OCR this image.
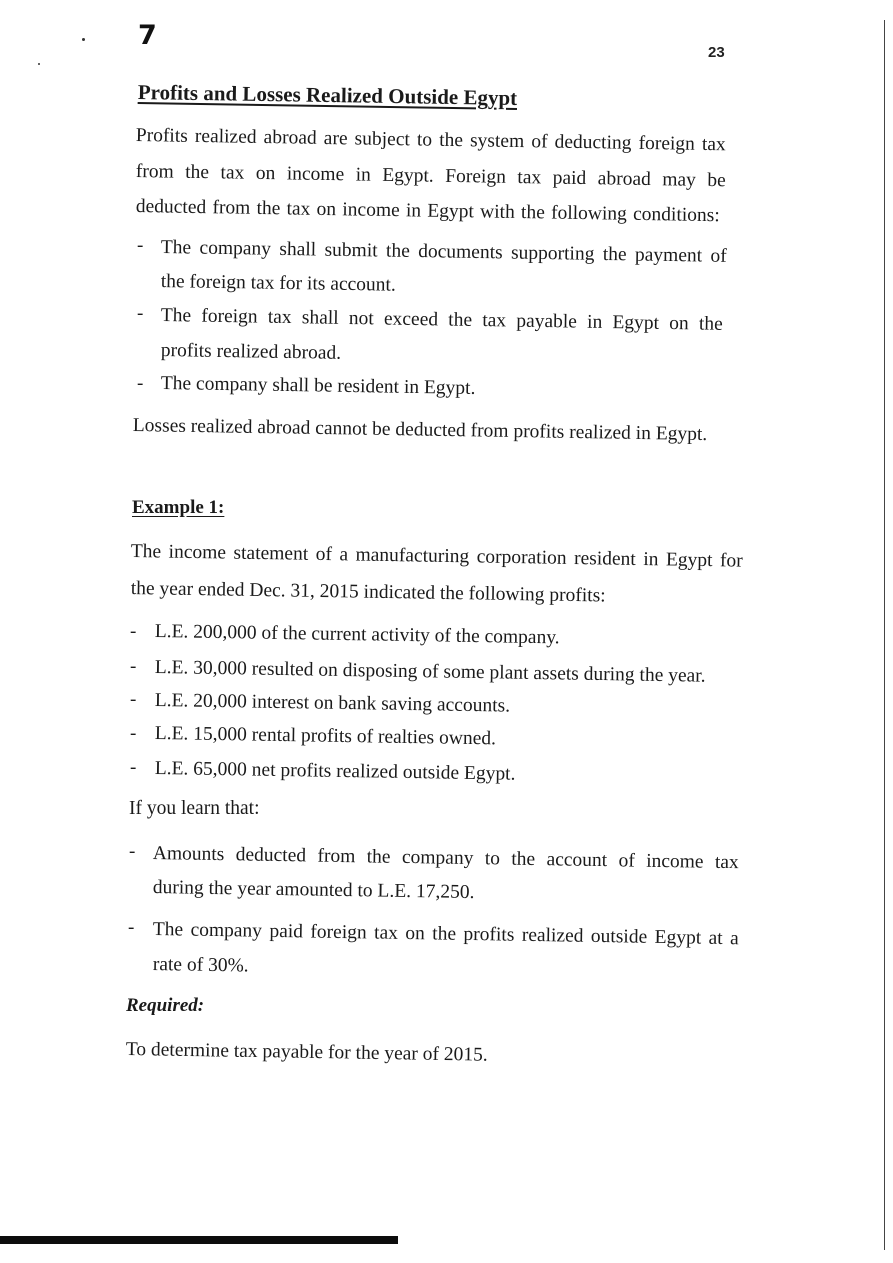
7
23
Profits and Losses Realized Outside Egypt
Profits realized abroad are subject to the system of deducting foreign tax
from the tax on income in Egypt. Foreign tax paid abroad may be
deducted from the tax on income in Egypt with the following conditions:
- The company shall submit the documents supporting the payment of
the foreign tax for its account.
- The foreign tax shall not exceed the tax payable in Egypt on the
profits realized abroad.
- The company shall be resident in Egypt.
Losses realized abroad cannot be deducted from profits realized in Egypt.
Example 1:
The income statement of a manufacturing corporation resident in Egypt for
the year ended Dec. 31, 2015 indicated the following profits:
- L.E. 200,000 of the current activity of the company.
- L.E. 30,000 resulted on disposing of some plant assets during the year.
- L.E. 20,000 interest on bank saving accounts.
- L.E. 15,000 rental profits of realties owned.
- L.E. 65,000 net profits realized outside Egypt.
If you learn that:
- Amounts deducted from the company to the account of income tax
during the year amounted to L.E. 17,250.
- The company paid foreign tax on the profits realized outside Egypt at a
rate of 30%.
Required:
To determine tax payable for the year of 2015.
